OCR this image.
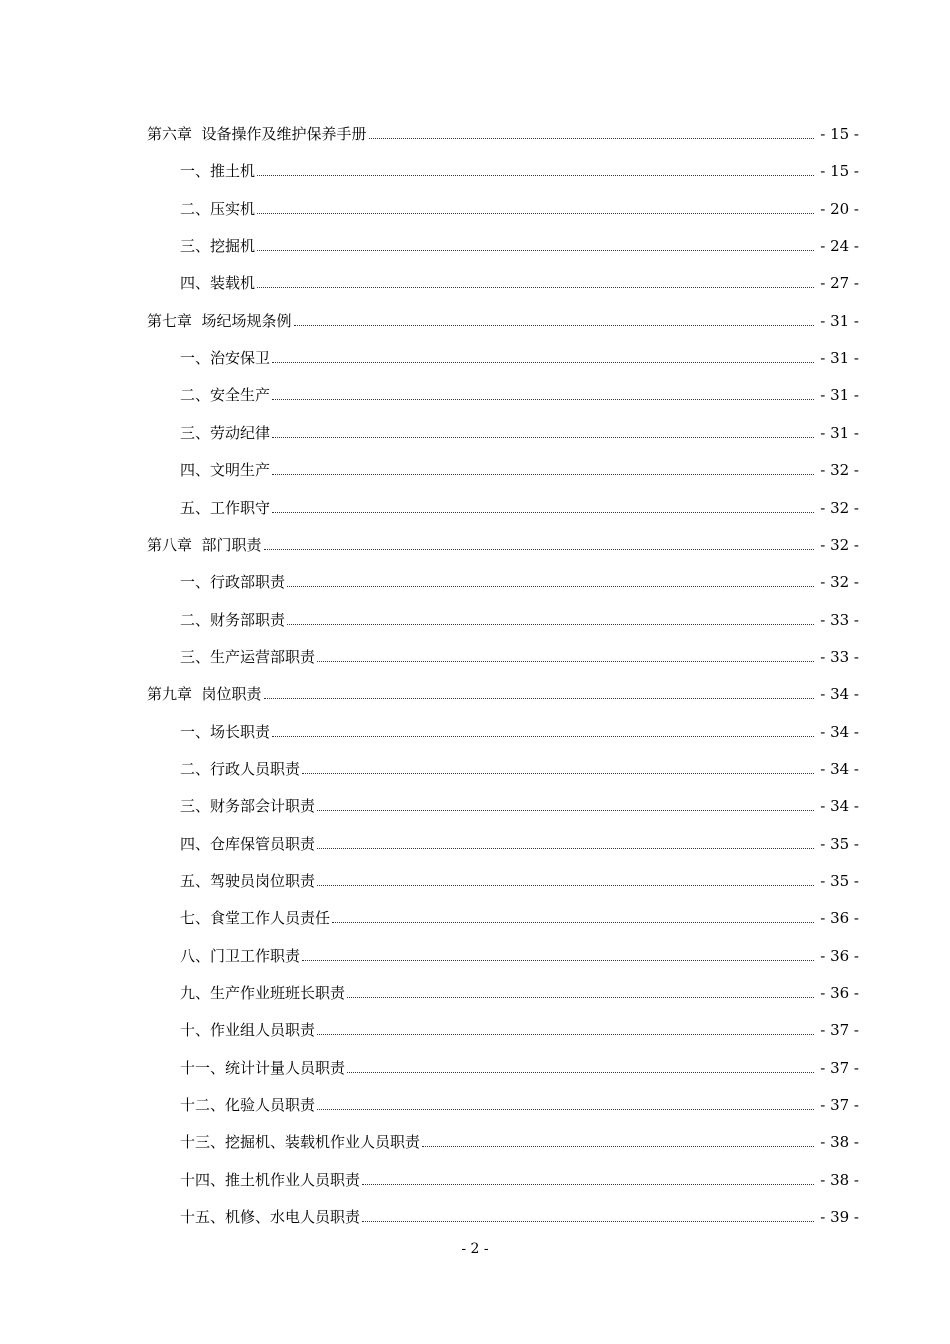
第六章  设备操作及维护保养手册	- 15 -
一、推土机	- 15 -
二、压实机	- 20 -
三、挖掘机	- 24 -
四、装载机	- 27 -
第七章  场纪场规条例	- 31 -
一、治安保卫	- 31 -
二、安全生产	- 31 -
三、劳动纪律	- 31 -
四、文明生产	- 32 -
五、工作职守	- 32 -
第八章  部门职责	- 32 -
一、行政部职责	- 32 -
二、财务部职责	- 33 -
三、生产运营部职责	- 33 -
第九章  岗位职责	- 34 -
一、场长职责	- 34 -
二、行政人员职责	- 34 -
三、财务部会计职责	- 34 -
四、仓库保管员职责	- 35 -
五、驾驶员岗位职责	- 35 -
七、食堂工作人员责任	- 36 -
八、门卫工作职责	- 36 -
九、生产作业班班长职责	- 36 -
十、作业组人员职责	- 37 -
十一、统计计量人员职责	- 37 -
十二、化验人员职责	- 37 -
十三、挖掘机、装载机作业人员职责	- 38 -
十四、推土机作业人员职责	- 38 -
十五、机修、水电人员职责	- 39 -
- 2 -
